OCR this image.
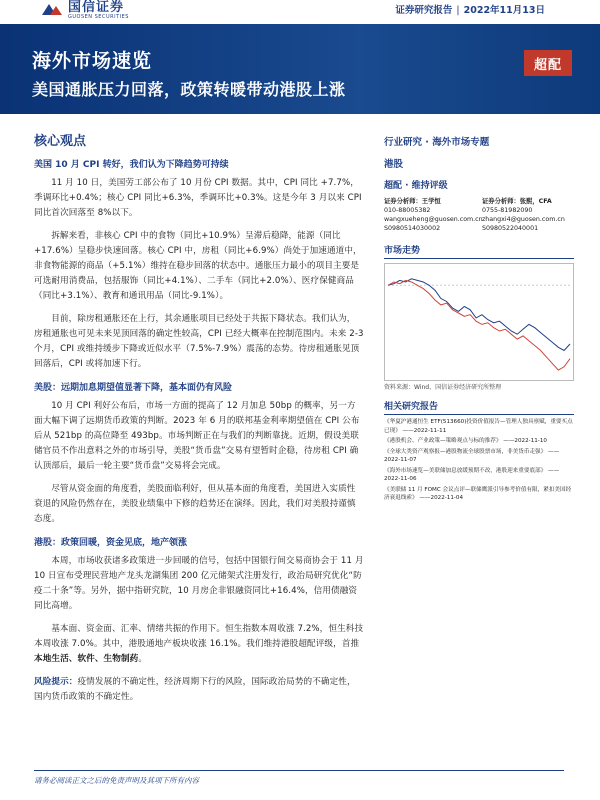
国信证券
GUOSEN SECURITIES
证券研究报告 | 2022年11月13日
海外市场速览
美国通胀压力回落，政策转暖带动港股上涨
超配
核心观点
美国 10 月 CPI 转好，我们认为下降趋势可持续

11 月 10 日，美国劳工部公布了 10 月份 CPI 数据。其中，CPI 同比 +7.7%，季调环比+0.4%；核心 CPI 同比+6.3%，季调环比+0.3%。这是今年 3 月以来 CPI 同比首次回落至 8%以下。

拆解来看，非核心 CPI 中的食物（同比+10.9%）呈滞后稳降，能源（同比+17.6%）呈稳步快速回落。核心 CPI 中，房租（同比+6.9%）尚处于加速通道中，非食物能源的商品（+5.1%）维持在稳步回落的状态中。通胀压力最小的项目主要是可选耐用消费品，包括服饰（同比+4.1%）、二手车（同比+2.0%）、医疗保健商品（同比+3.1%）、教育和通讯用品（同比-9.1%）。

目前，除房租通胀还在上行，其余通胀项目已经处于共振下降状态。我们认为，房租通胀也可见未来见顶回落的确定性较高，CPI 已经大概率在控制范围内。未来 2-3 个月，CPI 或维持缓步下降或近似水平（7.5%-7.9%）震荡的态势。待房租通胀见顶回落后，CPI 或将加速下行。

美股：远期加息期望值显著下降，基本面仍有风险

10 月 CPI 利好公布后，市场一方面的提高了 12 月加息 50bp 的概率，另一方面大幅下调了远期货币政策的判断。2023 年 6 月的联邦基金利率期望值在 CPI 公布后从 521bp 的高位降至 493bp。市场判断正在与我们的判断靠拢。近期，假设美联储官员不作出意料之外的市场引导，美股“货币盘”交易有望暂时企稳，待房租 CPI 确认顶部后，最后一轮主要“货币盘”交易将会完成。

尽管从资金面的角度看，美股面临利好，但从基本面的角度看，美国进入实质性衰退的风险仍然存在，美股业绩集中下修的趋势还在演绎。因此，我们对美股持谨慎态度。

港股：政策回暖，资金见底，地产领涨

本周，市场收获诸多政策进一步回暖的信号，包括中国银行间交易商协会于 11 月 10 日宣布受理民营地产龙头龙湖集团 200 亿元储架式注册发行，政治局研究优化“防疫二十条”等。另外，据中指研究院，10 月房企非银融资同比+16.4%，信用债融资同比高增。

基本面、资金面、汇率、情绪共振的作用下。恒生指数本周收涨 7.2%，恒生科技本周收涨 7.0%。其中，港股通地产板块收涨 16.1%。我们维持港股超配评级，首推本地生活、软件、生物制药。

风险提示：疫情发展的不确定性，经济周期下行的风险，国际政治局势的不确定性，国内货币政策的不确定性。

行业研究 · 海外市场专题
港股
超配 · 维持评级
证券分析师：王学恒
010-88005382
wangxueheng@guosen.com.cn
S0980514030002
证券分析师：张熙，CFA
0755-81982090
zhangxi4@guosen.com.cn
S0980522040001
市场走势
资料来源：Wind、国信证券经济研究所整理
相关研究报告
《华夏沪港通恒生 ETF(513660)投资价值报告—管理人独具禀赋，重要买点已现》 ——2022-11-11
《港股机会、产业政策—策略观点与标的推荐》 ——2022-11-10
《全球大类资产观察报—港股物流全球股票市场，非美货币走强》 ——2022-11-07
《海外市场速览—美联储加息放缓预期不改，港股迎来重要底部》 ——2022-11-06
《美联储 11 月 FOMC 会议点评—联储鹰派引导参考价值有限，紧扣美国经济衰退线索》 ——2022-11-04
请务必阅读正文之后的免责声明及其项下所有内容
